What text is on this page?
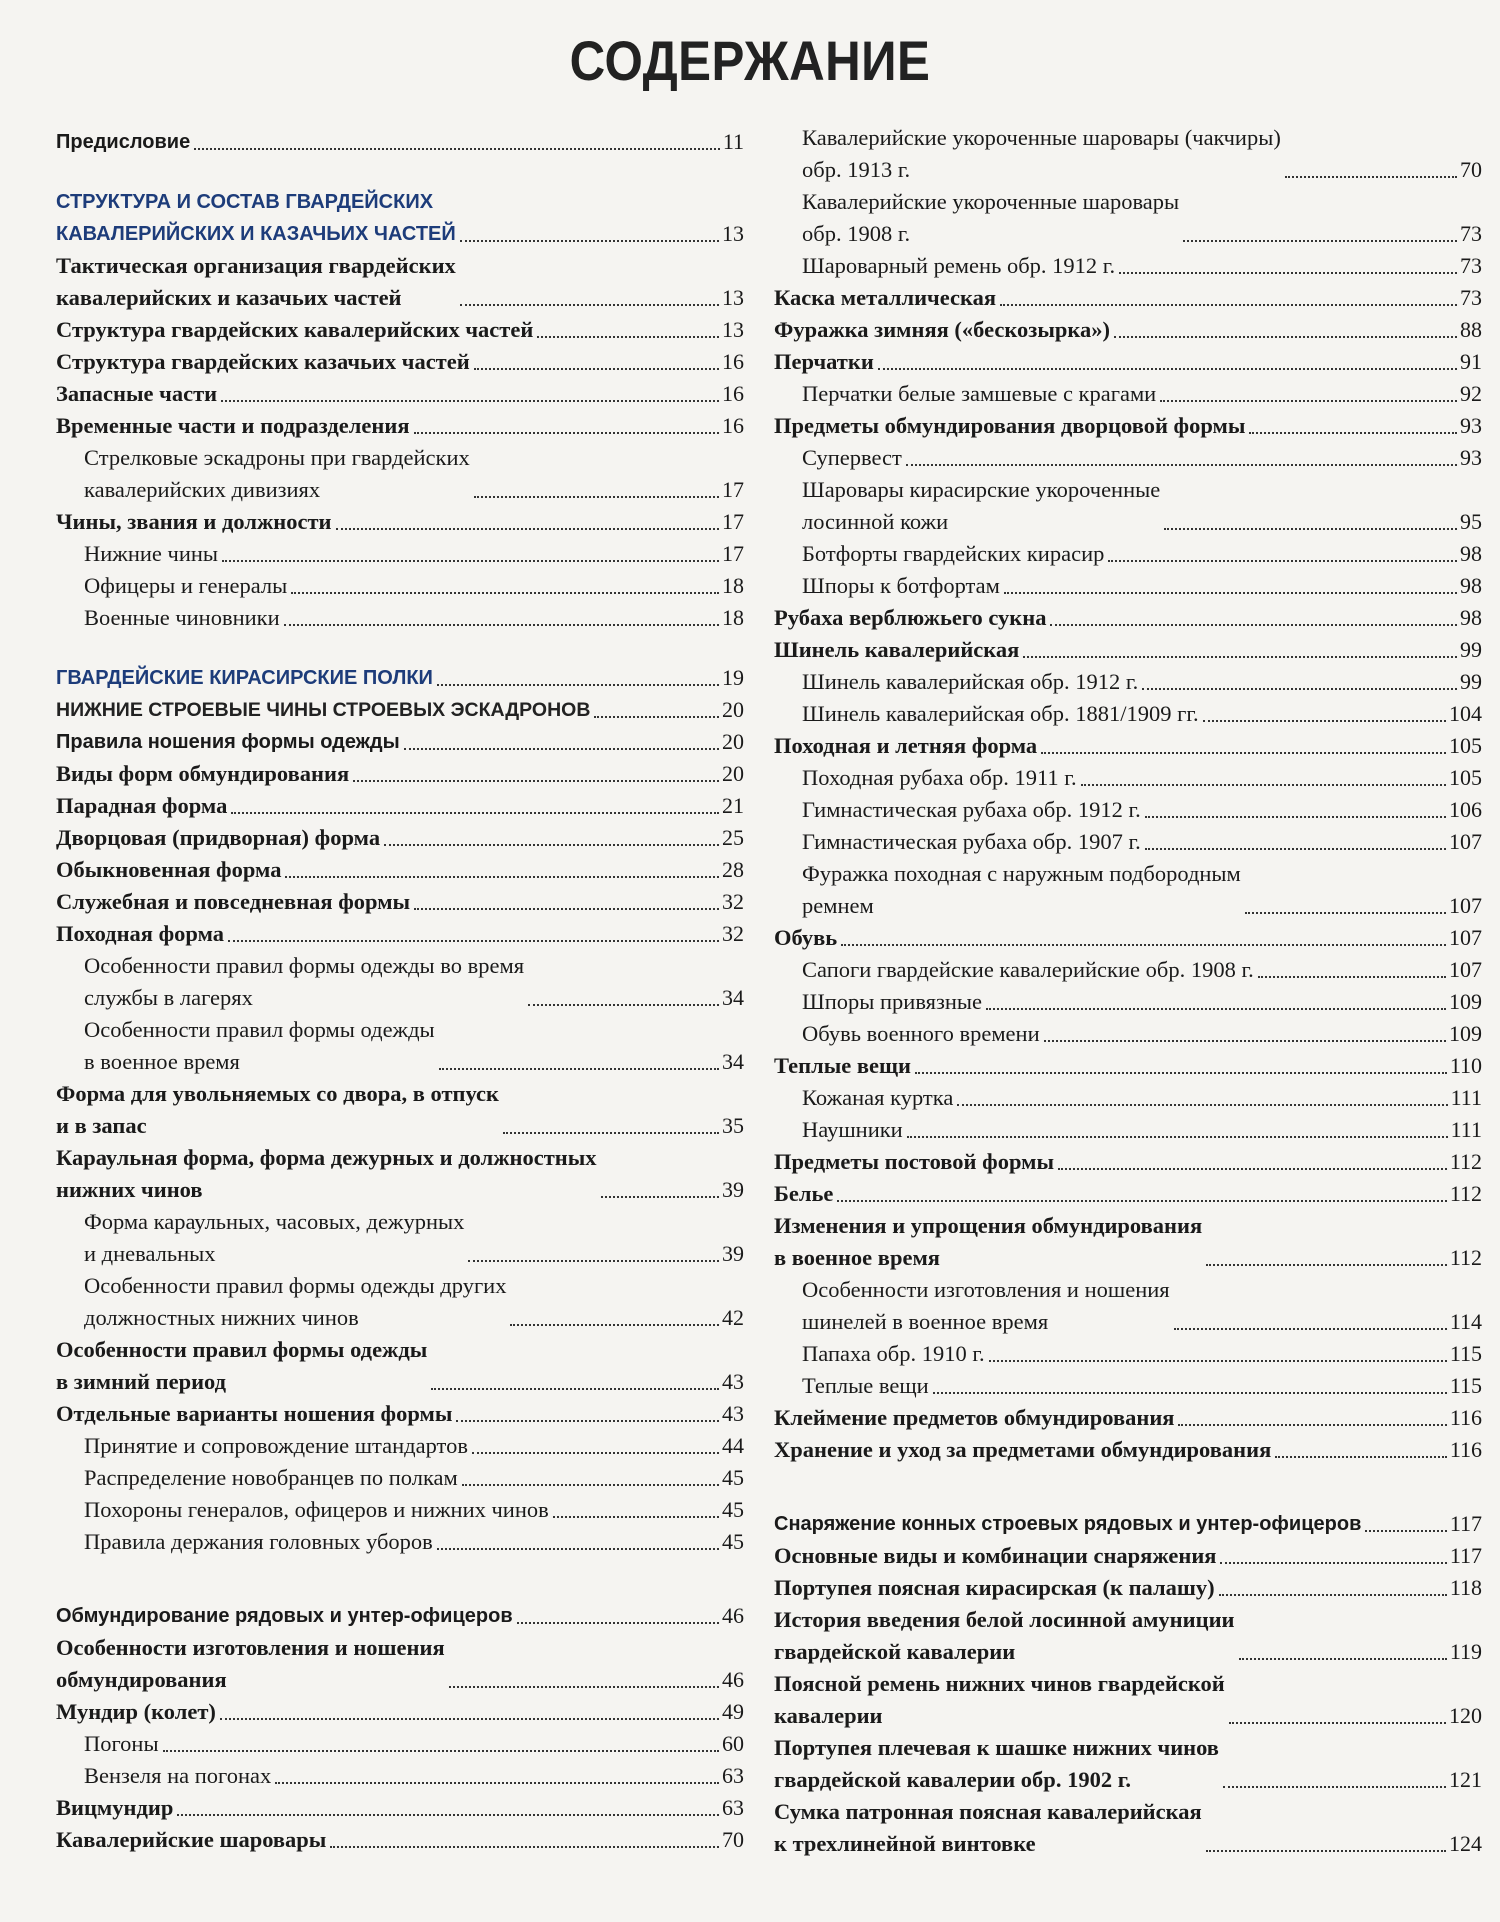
СОДЕРЖАНИЕ
Предисловие	11
СТРУКТУРА И СОСТАВ ГВАРДЕЙСКИХ
КАВАЛЕРИЙСКИХ И КАЗАЧЬИХ ЧАСТЕЙ	13
Тактическая организация гвардейских
кавалерийских и казачьих частей	13
Структура гвардейских кавалерийских частей	13
Структура гвардейских казачьих частей	16
Запасные части	16
Временные части и подразделения	16
Стрелковые эскадроны при гвардейских
кавалерийских дивизиях	17
Чины, звания и должности	17
Нижние чины	17
Офицеры и генералы	18
Военные чиновники	18
ГВАРДЕЙСКИЕ КИРАСИРСКИЕ ПОЛКИ	19
НИЖНИЕ СТРОЕВЫЕ ЧИНЫ СТРОЕВЫХ ЭСКАДРОНОВ	20
Правила ношения формы одежды	20
Виды форм обмундирования	20
Парадная форма	21
Дворцовая (придворная) форма	25
Обыкновенная форма	28
Служебная и повседневная формы	32
Походная форма	32
Особенности правил формы одежды во время
службы в лагерях	34
Особенности правил формы одежды
в военное время	34
Форма для увольняемых со двора, в отпуск
и в запас	35
Караульная форма, форма дежурных и должностных
нижних чинов	39
Форма караульных, часовых, дежурных
и дневальных	39
Особенности правил формы одежды других
должностных нижних чинов	42
Особенности правил формы одежды
в зимний период	43
Отдельные варианты ношения формы	43
Принятие и сопровождение штандартов	44
Распределение новобранцев по полкам	45
Похороны генералов, офицеров и нижних чинов	45
Правила держания головных уборов	45
Обмундирование рядовых и унтер-офицеров	46
Особенности изготовления и ношения
обмундирования	46
Мундир (колет)	49
Погоны	60
Вензеля на погонах	63
Вицмундир	63
Кавалерийские шаровары	70
Кавалерийские укороченные шаровары (чакчиры)
обр. 1913 г.	70
Кавалерийские укороченные шаровары
обр. 1908 г.	73
Шароварный ремень обр. 1912 г.	73
Каска металлическая	73
Фуражка зимняя («бескозырка»)	88
Перчатки	91
Перчатки белые замшевые с крагами	92
Предметы обмундирования дворцовой формы	93
Супервест	93
Шаровары кирасирские укороченные
лосинной кожи	95
Ботфорты гвардейских кирасир	98
Шпоры к ботфортам	98
Рубаха верблюжьего сукна	98
Шинель кавалерийская	99
Шинель кавалерийская обр. 1912 г.	99
Шинель кавалерийская обр. 1881/1909 гг.	104
Походная и летняя форма	105
Походная рубаха обр. 1911 г.	105
Гимнастическая рубаха обр. 1912 г.	106
Гимнастическая рубаха обр. 1907 г.	107
Фуражка походная с наружным подбородным
ремнем	107
Обувь	107
Сапоги гвардейские кавалерийские обр. 1908 г.	107
Шпоры привязные	109
Обувь военного времени	109
Теплые вещи	110
Кожаная куртка	111
Наушники	111
Предметы постовой формы	112
Белье	112
Изменения и упрощения обмундирования
в военное время	112
Особенности изготовления и ношения
шинелей в военное время	114
Папаха обр. 1910 г.	115
Теплые вещи	115
Клеймение предметов обмундирования	116
Хранение и уход за предметами обмундирования	116
Снаряжение конных строевых рядовых и унтер-офицеров	117
Основные виды и комбинации снаряжения	117
Портупея поясная кирасирская (к палашу)	118
История введения белой лосинной амуниции
гвардейской кавалерии	119
Поясной ремень нижних чинов гвардейской
кавалерии	120
Портупея плечевая к шашке нижних чинов
гвардейской кавалерии обр. 1902 г.	121
Сумка патронная поясная кавалерийская
к трехлинейной винтовке	124
